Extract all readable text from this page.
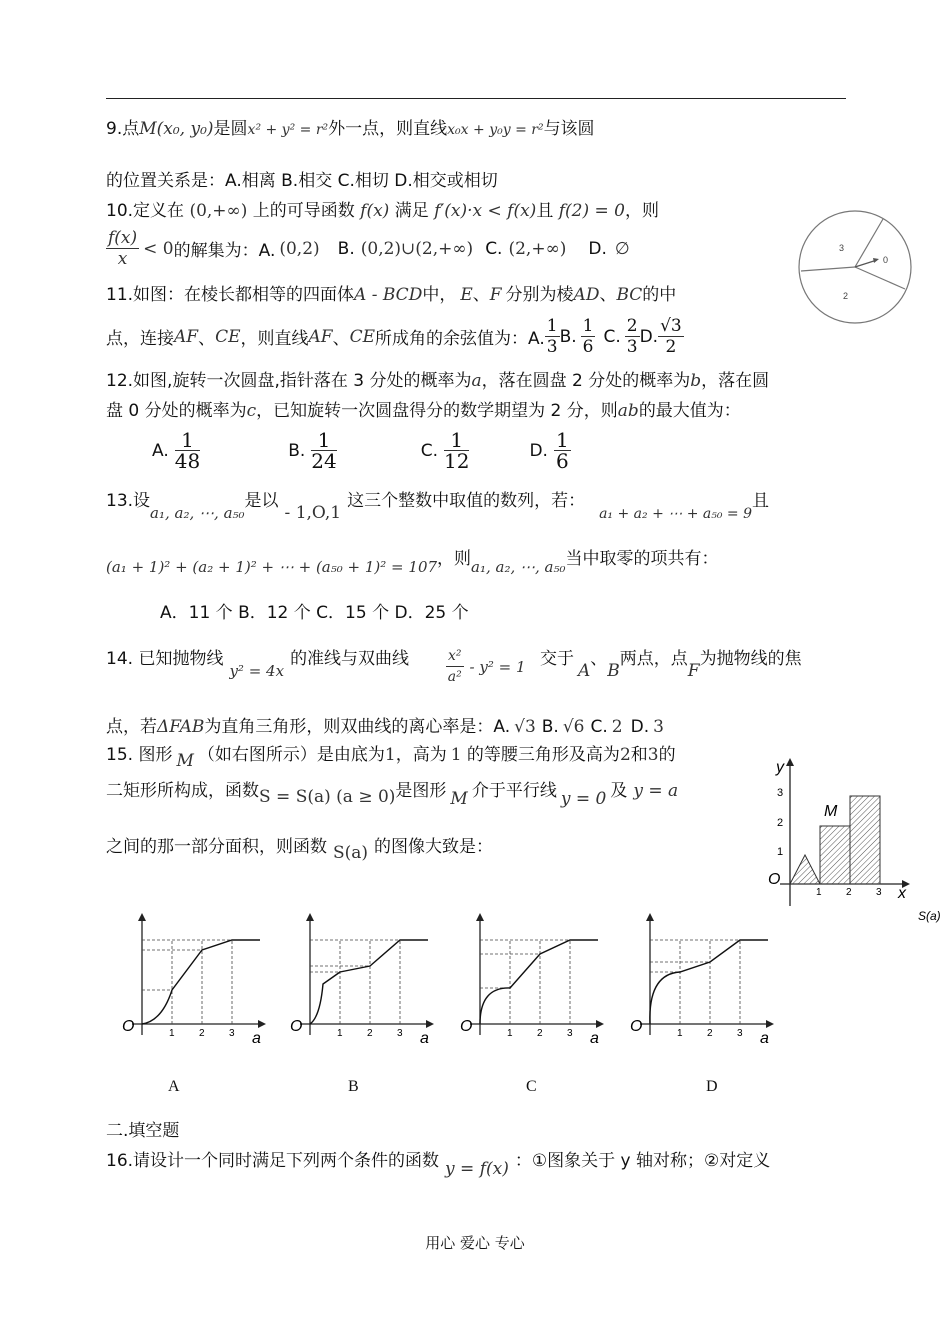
9.点M(x₀, y₀)是圆x² + y² = r²外一点，则直线x₀x + y₀y = r²与该圆
的位置关系是：A.相离 B.相交 C.相切 D.相交或相切
10.定义在 (0,+∞) 上的可导函数 f(x) 满足 f′(x)·x < f(x)且 f(2) = 0，则
$\frac{f(x)}{x} < 0$ 的解集为：A. (0,2) B. (0,2)∪(2,+∞) C. (2,+∞) D. ∅	3
0
2
11.如图：在棱长都相等的四面体A - BCD中， E、F 分别为棱AD、BC的中
点，连接 AF 、 CE ，则直线 AF 、 CE 所成角的余弦值为：A. $\frac{1}{3} B$. $\frac{1}{6} C$. $\frac{2}{3} D$. $\frac{√3}{2}$
12.如图,旋转一次圆盘,指针落在 3 分处的概率为a，落在圆盘 2 分处的概率为b，落在圆
盘 0 分处的概率为c，已知旋转一次圆盘得分的数学期望为 2 分，则ab的最大值为：
A. $\frac{1}{48}$	B. $\frac{1}{24}$	C. $\frac{1}{12}$	D. $\frac{1}{6}$
13.设a₁, a₂, ⋯, a₅₀是以- 1,O,1这三个整数中取值的数列，若：$_{a_1 + a_2 + \cdots + a_{50} = 9}$且
(a₁ + 1)² + (a₂ + 1)² + ⋯ + (a₅₀ + 1)² = 107，则a₁, a₂, ⋯, a₅₀当中取零的项共有：
A．11 个 B．12 个 C．15 个 D．25 个
14. 已知抛物线y² = 4x的准线与双曲线	$\frac{\text{x²}}{\text{a²}} - y^2 = 1$ 交于A、B两点，点F为抛物线的焦
点，若ΔFAB为直角三角形，则双曲线的离心率是：A. √3 B. √6 C. 2 D. 3
15. 图形 M （如右图所示）是由底为1，高为 1 的等腰三角形及高为2和3的
二矩形所构成，函数S = S(a) (a ≥ 0)是图形 M 介于平行线 y = 0 及 y = a
之间的那一部分面积，则函数 S(a) 的图像大致是：
y
x
O
M
3
2
1
1 2 3
S(a)
O
a
1 2 3	O
a
1 2 3	O
a
1 2 3	O
a
1 2 3
A	B	C	D
二.填空题
16.请设计一个同时满足下列两个条件的函数 y = f(x) ：①图象关于 y 轴对称；②对定义
用心 爱心 专心
